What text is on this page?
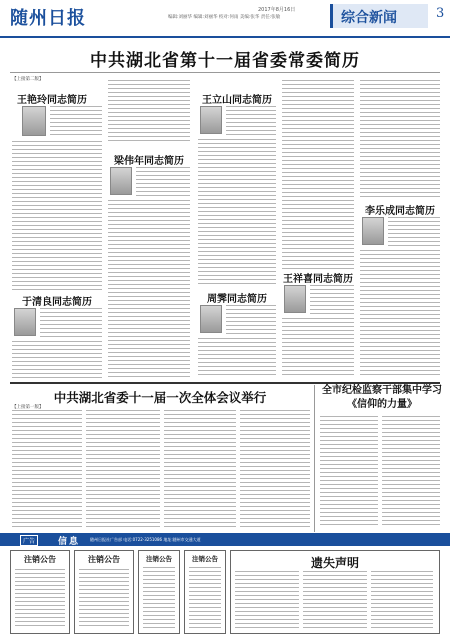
随州日报	2017年8月16日
编辑:刘丽华 编辑:刘丽华 校对:何雨 美编:张华 责任:张敏	综合新闻	3
中共湖北省第十一届省委常委简历
【上接第二版】
王艳玲同志简历
于清良同志简历
梁伟年同志简历
王立山同志简历
周霁同志简历
王祥喜同志简历
李乐成同志简历
中共湖北省委十一届一次全体会议举行
【上接第一版】
全市纪检监察干部集中学习《信仰的力量》
广告	信息 随州日报社广告部 电话:0722-3251086 地址:随州市交通大道
注销公告	注销公告	注销公告	注销公告	遗失声明
